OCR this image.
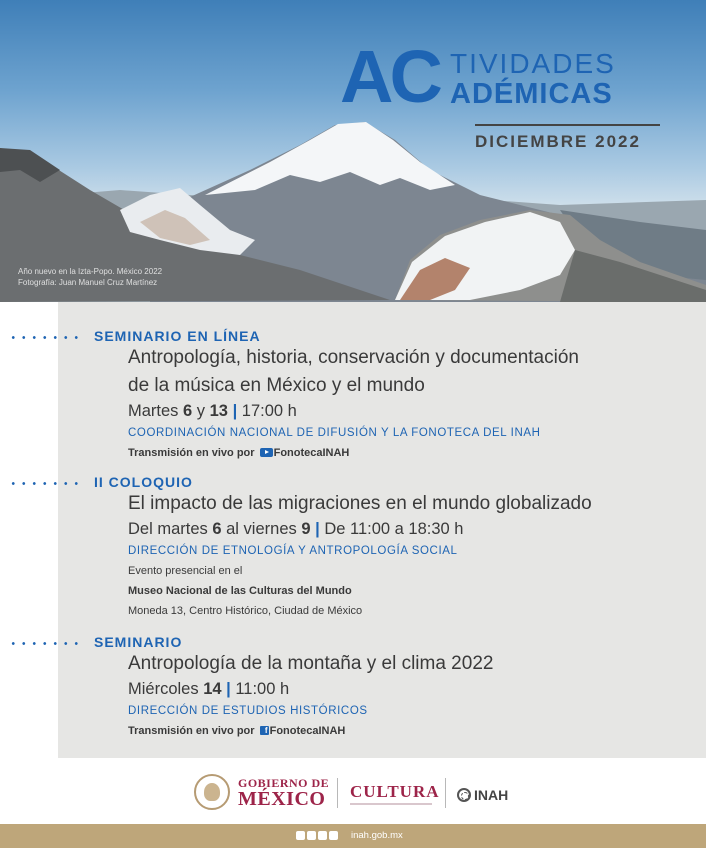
AC TIVIDADES
ADÉMICAS
DICIEMBRE 2022
Año nuevo en la Izta-Popo. México 2022
Fotografía: Juan Manuel Cruz Martínez
SEMINARIO EN LÍNEA
Antropología, historia, conservación y documentación
de la música en México y el mundo
Martes 6 y 13 | 17:00 h
COORDINACIÓN NACIONAL DE DIFUSIÓN Y LA FONOTECA DEL INAH
Transmisión en vivo por FonotecaINAH
II COLOQUIO
El impacto de las migraciones en el mundo globalizado
Del martes 6 al viernes 9 | De 11:00 a 18:30 h
DIRECCIÓN DE ETNOLOGÍA Y ANTROPOLOGÍA SOCIAL
Evento presencial en el
Museo Nacional de las Culturas del Mundo
Moneda 13, Centro Histórico, Ciudad de México
SEMINARIO
Antropología de la montaña y el clima 2022
Miércoles 14 | 11:00 h
DIRECCIÓN DE ESTUDIOS HISTÓRICOS
Transmisión en vivo por f FonotecaINAH
GOBIERNO DE
MÉXICO CULTURA INAH
inah.gob.mx
